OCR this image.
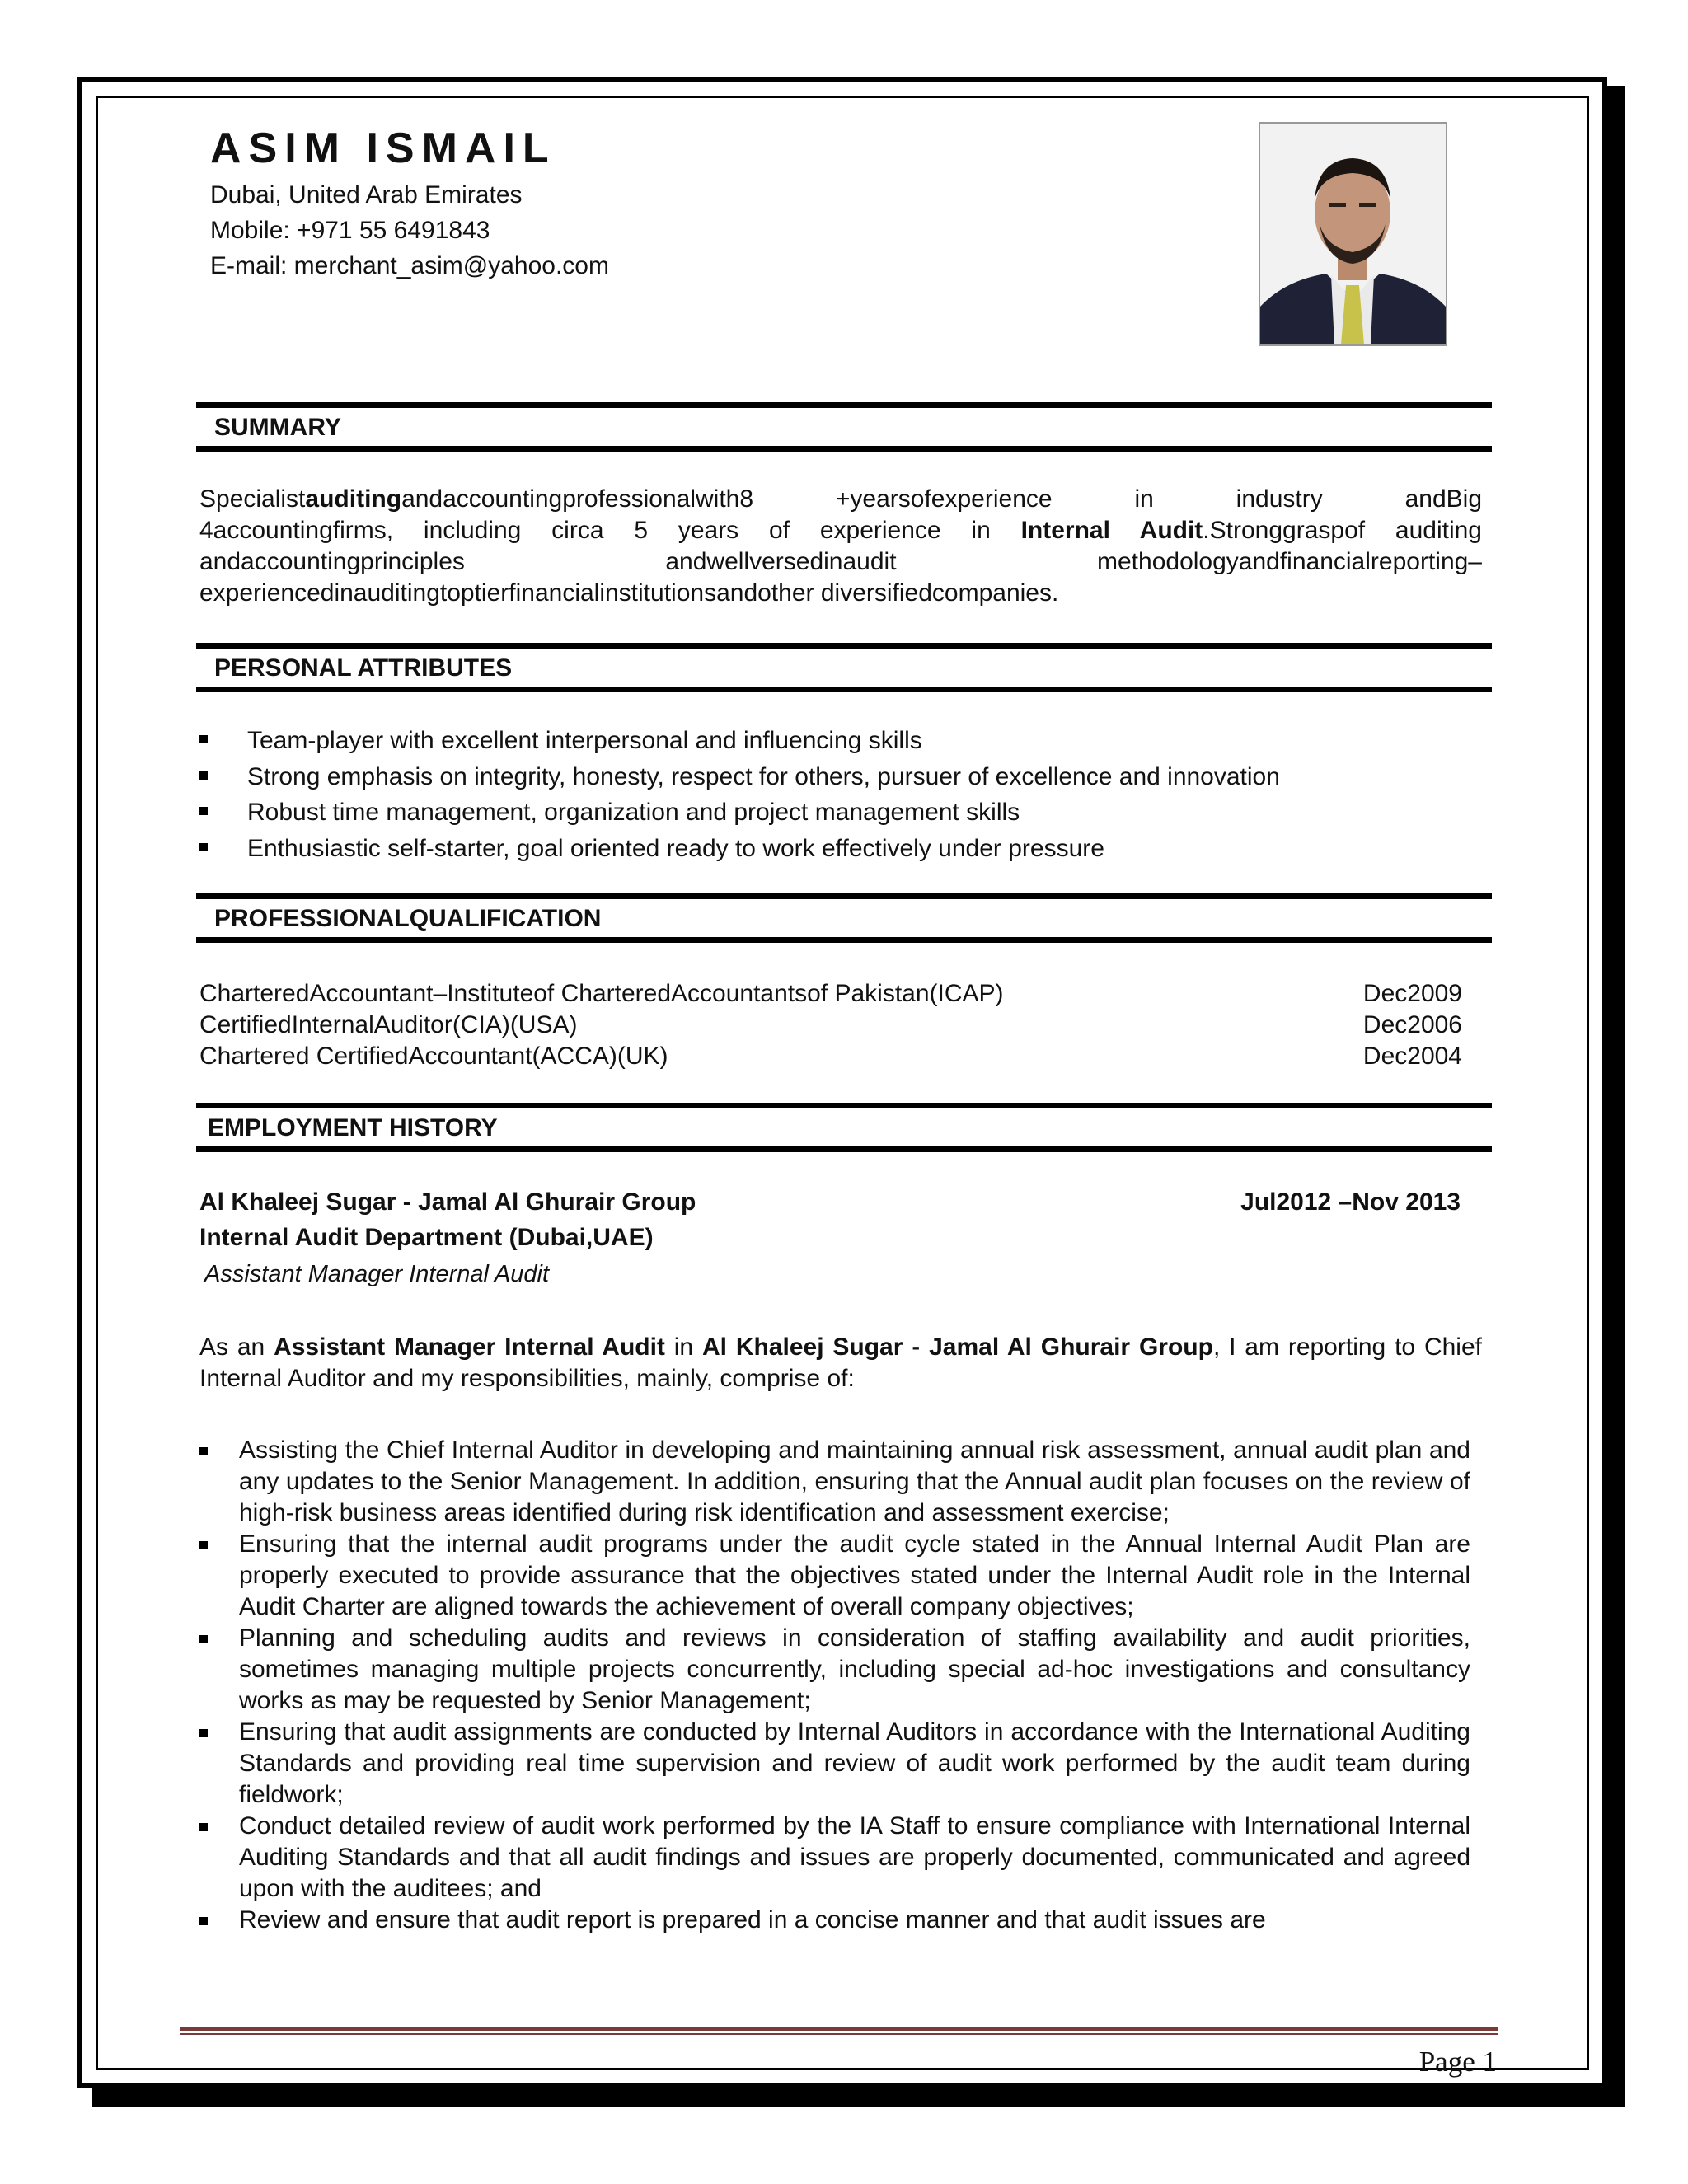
ASIM ISMAIL
Dubai, United Arab Emirates
Mobile: +971 55 6491843
E-mail: merchant_asim@yahoo.com
SUMMARY
Specialistauditingandaccountingprofessionalwith8 +yearsofexperience in industry andBig
4accountingfirms, including circa 5 years of experience in Internal Audit.Stronggraspof auditing
andaccountingprinciples andwellversedinaudit methodologyandfinancialreporting–
experiencedinauditingtoptierfinancialinstitutionsandother diversifiedcompanies.
PERSONAL ATTRIBUTES
Team-player with excellent interpersonal and influencing skills
Strong emphasis on integrity, honesty, respect for others, pursuer of excellence and innovation
Robust time management, organization and project management skills
Enthusiastic self-starter, goal oriented ready to work effectively under pressure
PROFESSIONALQUALIFICATION
CharteredAccountant–Instituteof CharteredAccountantsof Pakistan(ICAP)	Dec2009
CertifiedInternalAuditor(CIA)(USA)	Dec2006
Chartered CertifiedAccountant(ACCA)(UK)	Dec2004
EMPLOYMENT HISTORY
Al Khaleej Sugar - Jamal Al Ghurair Group	Jul2012 –Nov 2013
Internal Audit Department (Dubai,UAE)
Assistant Manager Internal Audit
As an Assistant Manager Internal Audit in Al Khaleej Sugar - Jamal Al Ghurair Group, I am reporting to Chief Internal Auditor and my responsibilities, mainly, comprise of:
Assisting the Chief Internal Auditor in developing and maintaining annual risk assessment, annual audit plan and any updates to the Senior Management. In addition, ensuring that the Annual audit plan focuses on the review of high-risk business areas identified during risk identification and assessment exercise;
Ensuring that the internal audit programs under the audit cycle stated in the Annual Internal Audit Plan are properly executed to provide assurance that the objectives stated under the Internal Audit role in the Internal Audit Charter are aligned towards the achievement of overall company objectives;
Planning and scheduling audits and reviews in consideration of staffing availability and audit priorities, sometimes managing multiple projects concurrently, including special ad-hoc investigations and consultancy works as may be requested by Senior Management;
Ensuring that audit assignments are conducted by Internal Auditors in accordance with the International Auditing Standards and providing real time supervision and review of audit work performed by the audit team during fieldwork;
Conduct detailed review of audit work performed by the IA Staff to ensure compliance with International Internal Auditing Standards and that all audit findings and issues are properly documented, communicated and agreed upon with the auditees; and
Review and ensure that audit report is prepared in a concise manner and that audit issues are
Page 1
